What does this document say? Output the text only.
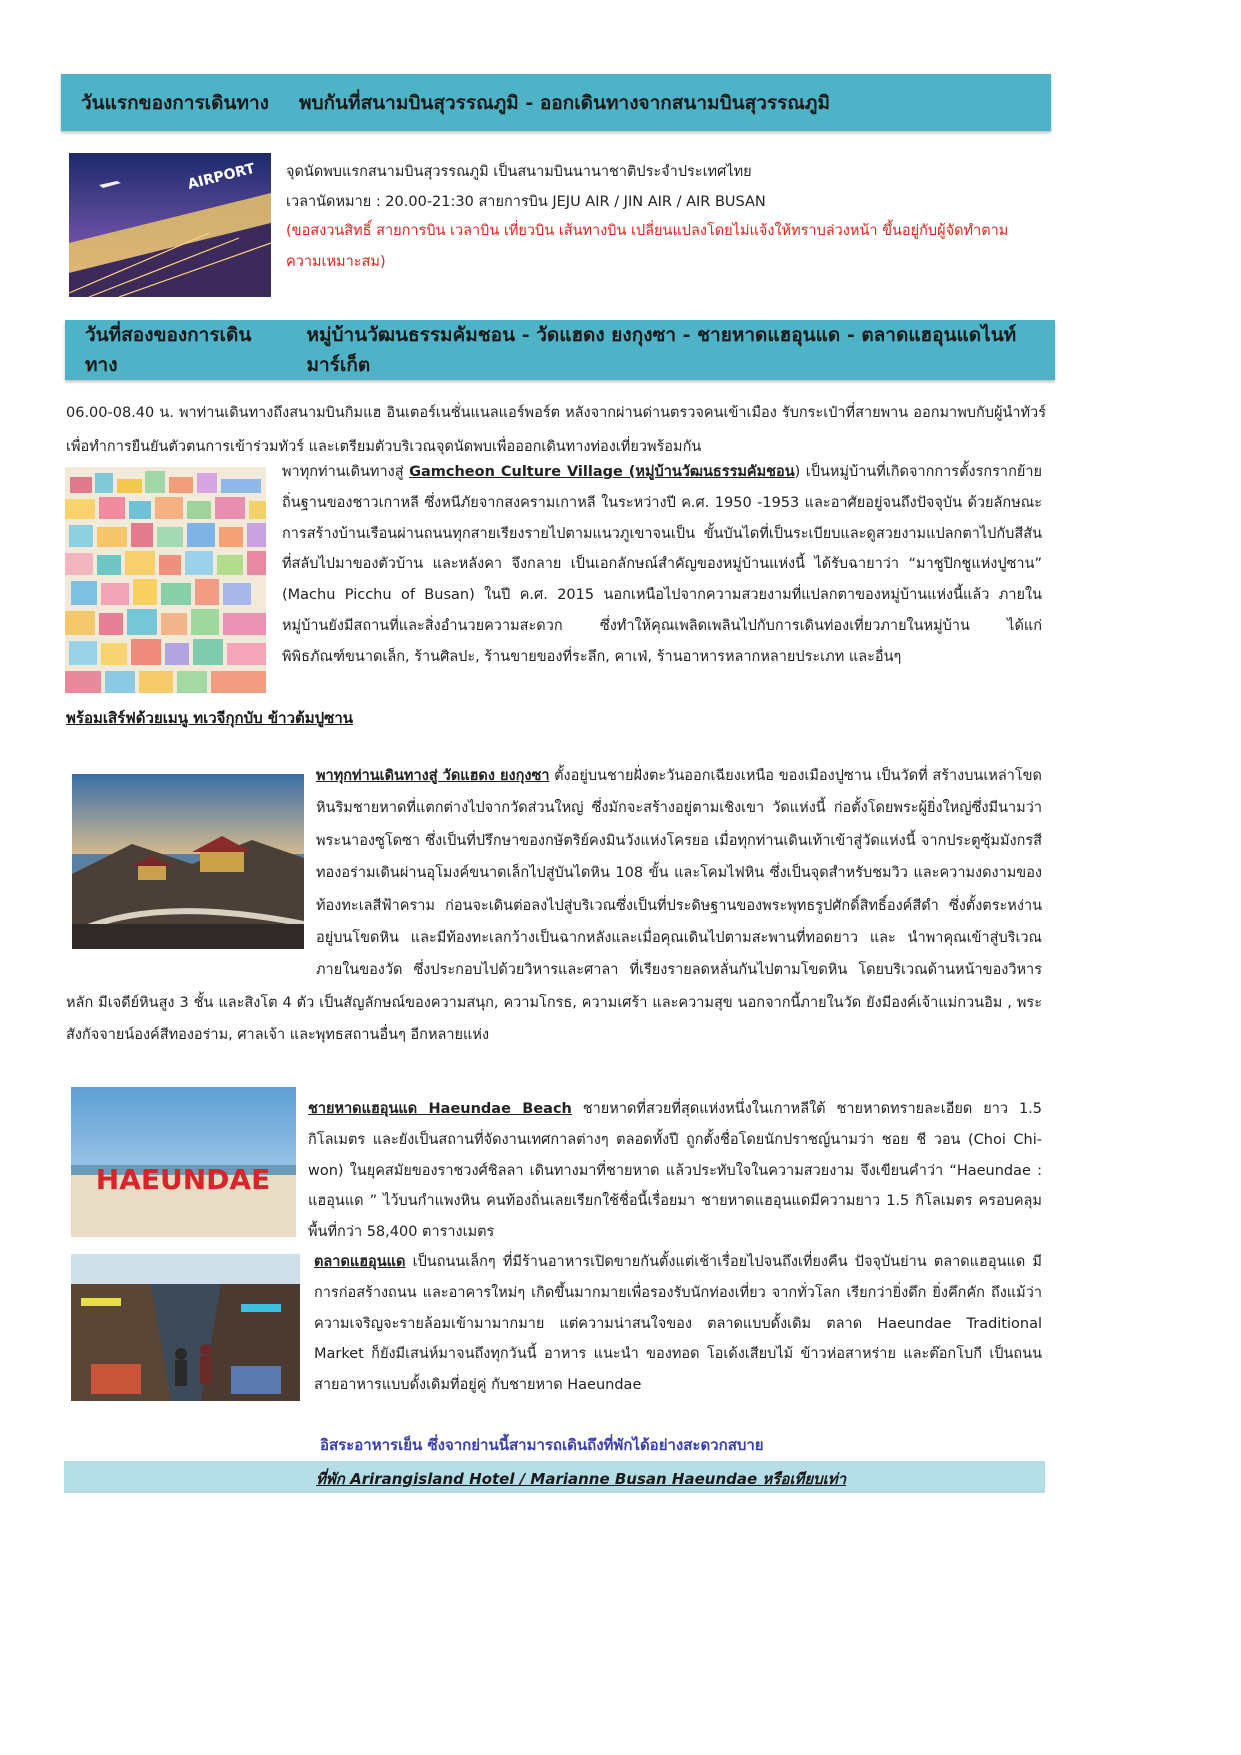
วันแรกของการเดินทาง พบกันที่สนามบินสุวรรณภูมิ - ออกเดินทางจากสนามบินสุวรรณภูมิ
AIRPORT จุดนัดพบแรกสนามบินสุวรรณภูมิ เป็นสนามบินนานาชาติประจำประเทศไทย
เวลานัดหมาย : 20.00-21:30 สายการบิน JEJU AIR / JIN AIR / AIR BUSAN
(ขอสงวนสิทธิ์ สายการบิน เวลาบิน เที่ยวบิน เส้นทางบิน เปลี่ยนแปลงโดยไม่แจ้งให้ทราบล่วงหน้า ขึ้นอยู่กับผู้จัดทำตามความเหมาะสม)
วันที่สองของการเดินทาง
หมู่บ้านวัฒนธรรมคัมชอน - วัดแฮดง ยงกุงซา - ชายหาดแฮอุนแด - ตลาดแฮอุนแดไนท์มาร์เก็ต
06.00-08.40 น. พาท่านเดินทางถึงสนามบินกิมแฮ อินเตอร์เนชั่นแนลแอร์พอร์ต หลังจากผ่านด่านตรวจคนเข้าเมือง รับกระเป๋าที่สายพาน ออกมาพบกับผู้นำทัวร์เพื่อทำการยืนยันตัวตนการเข้าร่วมทัวร์ และเตรียมตัวบริเวณจุดนัดพบเพื่อออกเดินทางท่องเที่ยวพร้อมกัน
พาทุกท่านเดินทางสู่ Gamcheon Culture Village (หมู่บ้านวัฒนธรรมคัมชอน) เป็นหมู่บ้านที่เกิดจากการตั้งรกรากย้ายถิ่นฐานของชาวเกาหลี ซึ่งหนีภัยจากสงครามเกาหลี ในระหว่างปี ค.ศ. 1950 -1953 และอาศัยอยู่จนถึงปัจจุบัน ด้วยลักษณะการสร้างบ้านเรือนผ่านถนนทุกสายเรียงรายไปตามแนวภูเขาจนเป็น ขั้นบันไดที่เป็นระเบียบและดูสวยงามแปลกตาไปกับสีสันที่สลับไปมาของตัวบ้าน และหลังคา จึงกลาย เป็นเอกลักษณ์สำคัญของหมู่บ้านแห่งนี้ ได้รับฉายาว่า “มาชูปิกชูแห่งปูซาน” (Machu Picchu of Busan) ในปี ค.ศ. 2015 นอกเหนือไปจากความสวยงามที่แปลกตาของหมู่บ้านแห่งนี้แล้ว ภายในหมู่บ้านยังมีสถานที่และสิ่งอำนวยความสะดวก ซึ่งทำให้คุณเพลิดเพลินไปกับการเดินท่องเที่ยวภายในหมู่บ้าน ได้แก่ พิพิธภัณฑ์ขนาดเล็ก, ร้านศิลปะ, ร้านขายของที่ระลึก, คาเฟ่, ร้านอาหารหลากหลายประเภท และอื่นๆ
พร้อมเสิร์ฟด้วยเมนู ทเวจีกุกบับ ข้าวต้มปูซาน
พาทุกท่านเดินทางสู่ วัดแฮดง ยงกุงซา ตั้งอยู่บนชายฝั่งตะวันออกเฉียงเหนือ ของเมืองปูซาน เป็นวัดที่ สร้างบนเหล่าโขดหินริมชายหาดที่แตกต่างไปจากวัดส่วนใหญ่ ซึ่งมักจะสร้างอยู่ตามเชิงเขา วัดแห่งนี้ ก่อตั้งโดยพระผู้ยิ่งใหญ่ซึ่งมีนามว่า พระนาองซูโดซา ซึ่งเป็นที่ปรึกษาของกษัตริย์คงมินวังแห่งโครยอ เมื่อทุกท่านเดินเท้าเข้าสู่วัดแห่งนี้ จากประตูซุ้มมังกรสีทองอร่ามเดินผ่านอุโมงค์ขนาดเล็กไปสู่บันไดหิน 108 ขั้น และโคมไฟหิน ซึ่งเป็นจุดสำหรับชมวิว และความงดงามของท้องทะเลสีฟ้าคราม ก่อนจะเดินต่อลงไปสู่บริเวณซึ่งเป็นที่ประดิษฐานของพระพุทธรูปศักดิ์สิทธิ์องค์สีดำ ซึ่งตั้งตระหง่านอยู่บนโขดหิน และมีท้องทะเลกว้างเป็นฉากหลังและเมื่อคุณเดินไปตามสะพานที่ทอดยาว และ นำพาคุณเข้าสู่บริเวณ ภายในของวัด ซึ่งประกอบไปด้วยวิหารและศาลา ที่เรียงรายลดหลั่นกันไปตามโขดหิน โดยบริเวณด้านหน้าของวิหารหลัก มีเจดีย์หินสูง 3 ชั้น และสิงโต 4 ตัว เป็นสัญลักษณ์ของความสนุก, ความโกรธ, ความเศร้า และความสุข นอกจากนี้ภายในวัด ยังมีองค์เจ้าแม่กวนอิม , พระสังกัจจายน์องค์สีทองอร่าม, ศาลเจ้า และพุทธสถานอื่นๆ อีกหลายแห่ง
HAEUNDAE
ชายหาดแฮอุนแด Haeundae Beach ชายหาดที่สวยที่สุดแห่งหนึ่งในเกาหลีใต้ ชายหาดทรายละเอียด ยาว 1.5 กิโลเมตร และยังเป็นสถานที่จัดงานเทศกาลต่างๆ ตลอดทั้งปี ถูกตั้งชื่อโดยนักปราชญ์นามว่า ชอย ชี วอน (Choi Chi-won) ในยุคสมัยของราชวงศ์ชิลลา เดินทางมาที่ชายหาด แล้วประทับใจในความสวยงาม จึงเขียนคำว่า “Haeundae : แฮอุนแด ” ไว้บนกำแพงหิน คนท้องถิ่นเลยเรียกใช้ชื่อนี้เรื่อยมา ชายหาดแฮอุนแดมีความยาว 1.5 กิโลเมตร ครอบคลุมพื้นที่กว่า 58,400 ตารางเมตร
ตลาดแฮอุนแด เป็นถนนเล็กๆ ที่มีร้านอาหารเปิดขายกันตั้งแต่เช้าเรื่อยไปจนถึงเที่ยงคืน ปัจจุบันย่าน ตลาดแฮอุนแด มีการก่อสร้างถนน และอาคารใหม่ๆ เกิดขึ้นมากมายเพื่อรองรับนักท่องเที่ยว จากทั่วโลก เรียกว่ายิ่งดึก ยิ่งคึกคัก ถึงแม้ว่าความเจริญจะรายล้อมเข้ามามากมาย แต่ความน่าสนใจของ ตลาดแบบดั้งเดิม ตลาด Haeundae Traditional Market ก็ยังมีเสน่ห์มาจนถึงทุกวันนี้ อาหาร แนะนำ ของทอด โอเด้งเสียบไม้ ข้าวห่อสาหร่าย และต๊อกโบกี เป็นถนนสายอาหารแบบดั้งเดิมที่อยู่คู่ กับชายหาด Haeundae
อิสระอาหารเย็น ซึ่งจากย่านนี้สามารถเดินถึงที่พักได้อย่างสะดวกสบาย
ที่พัก Arirangisland Hotel / Marianne Busan Haeundae หรือเทียบเท่า
